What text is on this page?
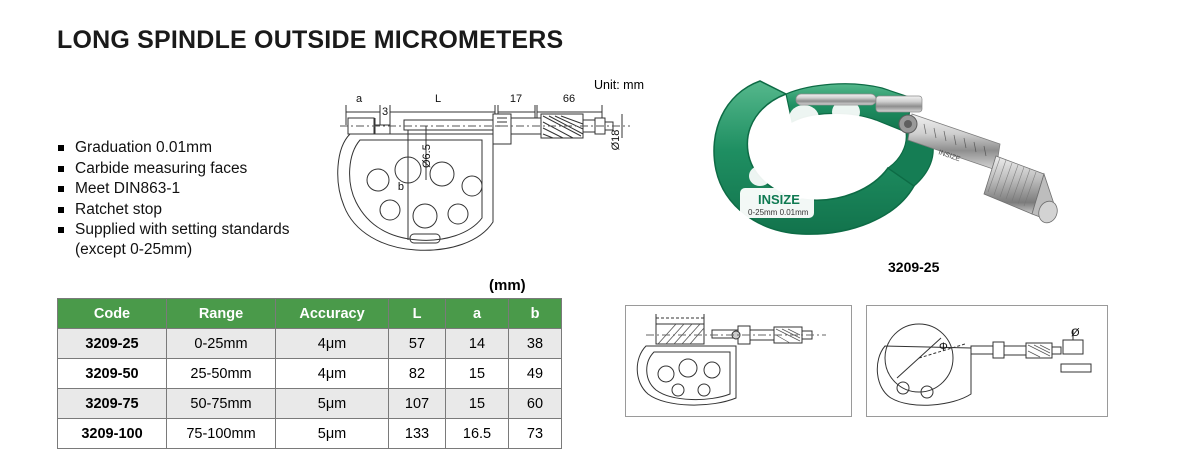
LONG SPINDLE OUTSIDE MICROMETERS
Graduation 0.01mm
Carbide measuring faces
Meet DIN863-1
Ratchet stop
Supplied with setting standards
(except 0-25mm)
Unit: mm
a	L	17	66
3
Ø18
Ø6.5
b
INSIZE
0-25mm 0.01mm
INSIZE
3209-25
(mm)
Code	Range	Accuracy	L	a	b
3209-25	0-25mm	4μm	57	14	38
3209-50	25-50mm	4μm	82	15	49
3209-75	50-75mm	5μm	107	15	60
3209-100	75-100mm	5μm	133	16.5	73
Φ
Ø
